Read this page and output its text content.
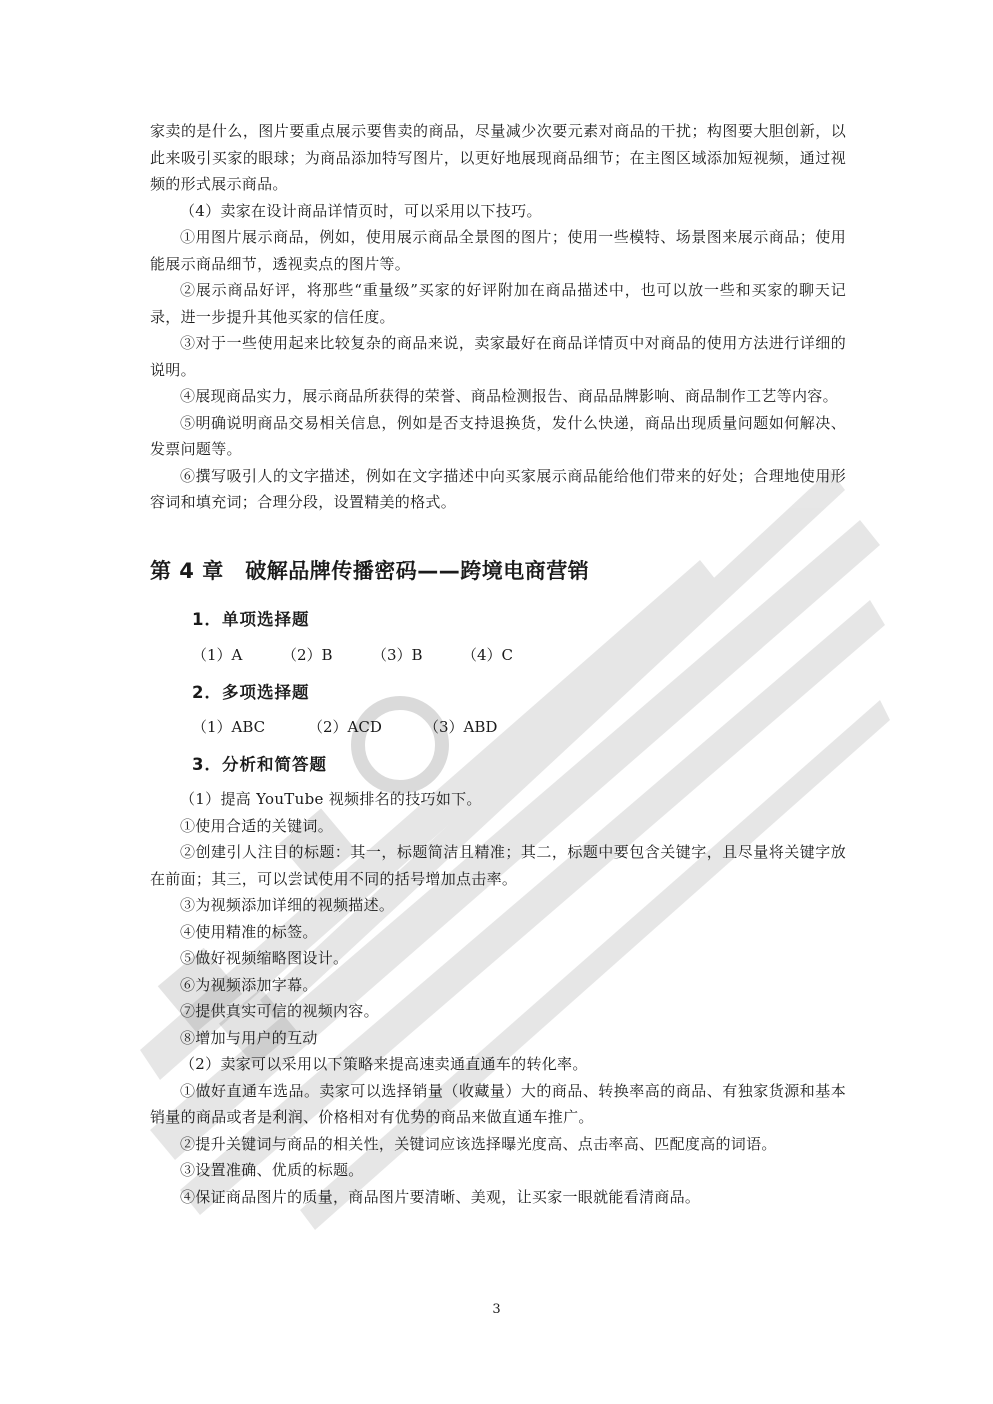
家卖的是什么，图片要重点展示要售卖的商品，尽量减少次要元素对商品的干扰；构图要大胆创新，以此来吸引买家的眼球；为商品添加特写图片，以更好地展现商品细节；在主图区域添加短视频，通过视频的形式展示商品。

（4）卖家在设计商品详情页时，可以采用以下技巧。

①用图片展示商品，例如，使用展示商品全景图的图片；使用一些模特、场景图来展示商品；使用能展示商品细节，透视卖点的图片等。

②展示商品好评，将那些“重量级”买家的好评附加在商品描述中，也可以放一些和买家的聊天记录，进一步提升其他买家的信任度。

③对于一些使用起来比较复杂的商品来说，卖家最好在商品详情页中对商品的使用方法进行详细的说明。

④展现商品实力，展示商品所获得的荣誉、商品检测报告、商品品牌影响、商品制作工艺等内容。

⑤明确说明商品交易相关信息，例如是否支持退换货，发什么快递，商品出现质量问题如何解决、发票问题等。

⑥撰写吸引人的文字描述，例如在文字描述中向买家展示商品能给他们带来的好处；合理地使用形容词和填充词；合理分段，设置精美的格式。

第 4 章　破解品牌传播密码——跨境电商营销
1．单项选择题
（1）A	（2）B	（3）B	（4）C
2．多项选择题
（1）ABC	（2）ACD	（3）ABD
3．分析和简答题

（1）提高 YouTube 视频排名的技巧如下。

①使用合适的关键词。

②创建引人注目的标题：其一，标题简洁且精准；其二，标题中要包含关键字，且尽量将关键字放在前面；其三，可以尝试使用不同的括号增加点击率。

③为视频添加详细的视频描述。

④使用精准的标签。

⑤做好视频缩略图设计。

⑥为视频添加字幕。

⑦提供真实可信的视频内容。

⑧增加与用户的互动

（2）卖家可以采用以下策略来提高速卖通直通车的转化率。

①做好直通车选品。卖家可以选择销量（收藏量）大的商品、转换率高的商品、有独家货源和基本销量的商品或者是利润、价格相对有优势的商品来做直通车推广。

②提升关键词与商品的相关性，关键词应该选择曝光度高、点击率高、匹配度高的词语。

③设置准确、优质的标题。

④保证商品图片的质量，商品图片要清晰、美观，让买家一眼就能看清商品。

3
